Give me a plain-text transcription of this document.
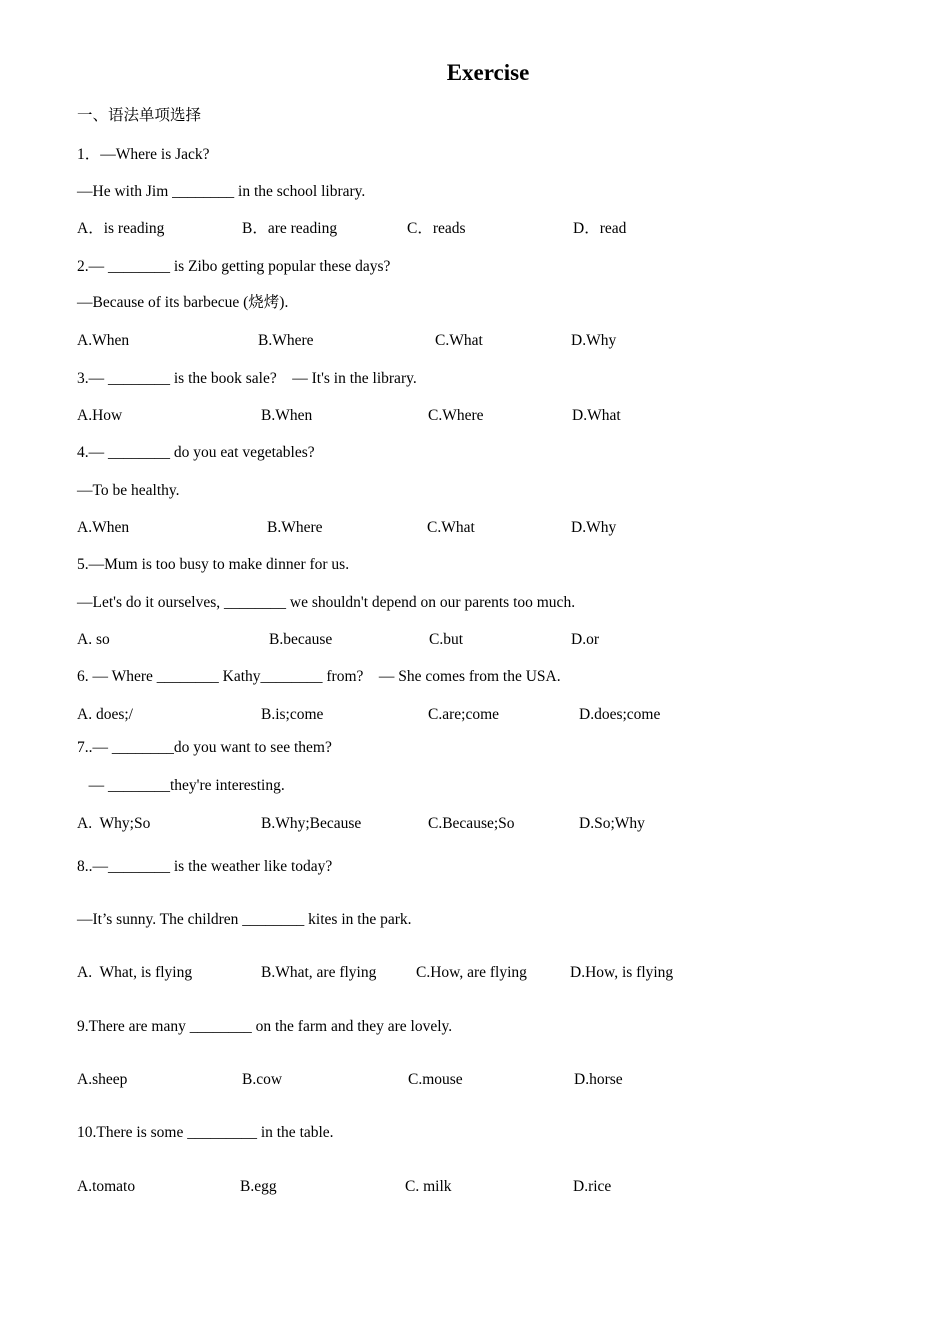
Exercise
一、语法单项选择
1．—Where is Jack?
—He with Jim ________ in the school library.
A．is reading	B．are reading	C．reads	D．read
2.— ________ is Zibo getting popular these days?
—Because of its barbecue (烧烤).
A.When	B.Where	C.What	D.Why
3.— ________ is the book sale?    — It's in the library.
A.How	B.When	C.Where	D.What
4.— ________ do you eat vegetables?
—To be healthy.
A.When	B.Where	C.What	D.Why
5.—Mum is too busy to make dinner for us.
—Let's do it ourselves, ________ we shouldn't depend on our parents too much.
A. so	B.because	C.but	D.or
6. — Where ________ Kathy________ from?    — She comes from the USA.
A. does;/	B.is;come	C.are;come	D.does;come
7..— ________do you want to see them?
— ________they're interesting.
A.  Why;So	B.Why;Because	C.Because;So	D.So;Why
8..—________ is the weather like today?
—It’s sunny. The children ________ kites in the park.
A.  What, is flying	B.What, are flying	C.How, are flying	D.How, is flying
9.There are many ________ on the farm and they are lovely.
A.sheep	B.cow	C.mouse	D.horse
10.There is some _________ in the table.
A.tomato	B.egg	C. milk	D.rice
